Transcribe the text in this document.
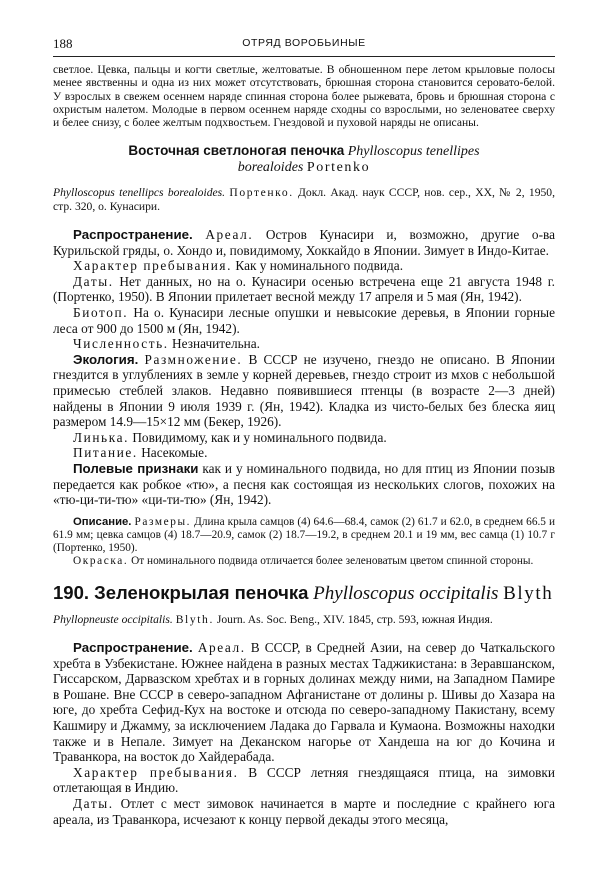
188	ОТРЯД ВОРОБЬИНЫЕ

светлое. Цевка, пальцы и когти светлые, желтоватые. В обношенном пере летом крыловые полосы менее явственны и одна из них может отсутствовать, брюшная сторона становится серовато-белой. У взрослых в свежем осеннем наряде спинная сторона более рыжевата, бровь и брюшная сторона с охристым налетом. Молодые в первом осеннем наряде сходны со взрослыми, но зеленоватее сверху и белее снизу, с более желтым подхвостьем. Гнездовой и пуховой наряды не описаны.

Восточная светлоногая пеночка Phylloscopus tenellipes
borealoides Portenko

Phylloscopus tenellipcs borealoides. Портенко. Докл. Акад. наук СССР, нов. сер., XX, № 2, 1950, стр. 320, о. Кунасири.

Распространение. Ареал. Остров Кунасири и, возможно, другие о-ва Курильской гряды, о. Хондо и, повидимому, Хоккайдо в Японии. Зимует в Индо-Китае.

Характер пребывания. Как у номинального подвида.

Даты. Нет данных, но на о. Кунасири осенью встречена еще 21 августа 1948 г. (Портенко, 1950). В Японии прилетает весной между 17 апреля и 5 мая (Ян, 1942).

Биотоп. На о. Кунасири лесные опушки и невысокие деревья, в Японии горные леса от 900 до 1500 м (Ян, 1942).

Численность. Незначительна.

Экология. Размножение. В СССР не изучено, гнездо не описано. В Японии гнездится в углублениях в земле у корней деревьев, гнездо строит из мхов с небольшой примесью стеблей злаков. Недавно появившиеся птенцы (в возрасте 2—3 дней) найдены в Японии 9 июля 1939 г. (Ян, 1942). Кладка из чисто-белых без блеска яиц размером 14.9—15×12 мм (Бекер, 1926).

Линька. Повидимому, как и у номинального подвида.

Питание. Насекомые.

Полевые признаки как и у номинального подвида, но для птиц из Японии позыв передается как робкое «тю», а песня как состоящая из нескольких слогов, похожих на «тю-ци-ти-тю» «ци-ти-тю» (Ян, 1942).

Описание. Размеры. Длина крыла самцов (4) 64.6—68.4, самок (2) 61.7 и 62.0, в среднем 66.5 и 61.9 мм; цевка самцов (4) 18.7—20.9, самок (2) 18.7—19.2, в среднем 20.1 и 19 мм, вес самца (1) 10.7 г (Портенко, 1950).

Окраска. От номинального подвида отличается более зеленоватым цветом спинной стороны.

190. Зеленокрылая пеночка Phylloscopus occipitalis Blyth

Phyllopneuste occipitalis. Blyth. Journ. As. Soc. Beng., XIV. 1845, стр. 593, южная Индия.

Распространение. Ареал. В СССР, в Средней Азии, на север до Чаткальского хребта в Узбекистане. Южнее найдена в разных местах Таджикистана: в Зеравшанском, Гиссарском, Дарвазском хребтах и в горных долинах между ними, на Западном Памире в Рошане. Вне СССР в северо-западном Афганистане от долины р. Шивы до Хазара на юге, до хребта Сефид-Кух на востоке и отсюда по северо-западному Пакистану, всему Кашмиру и Джамму, за исключением Ладака до Гарвала и Кумаона. Возможны находки также и в Непале. Зимует на Деканском нагорье от Хандеша на юг до Кочина и Траванкора, на восток до Хайдерабада.

Характер пребывания. В СССР летняя гнездящаяся птица, на зимовки отлетающая в Индию.

Даты. Отлет с мест зимовок начинается в марте и последние с крайнего юга ареала, из Траванкора, исчезают к концу первой декады этого месяца,
